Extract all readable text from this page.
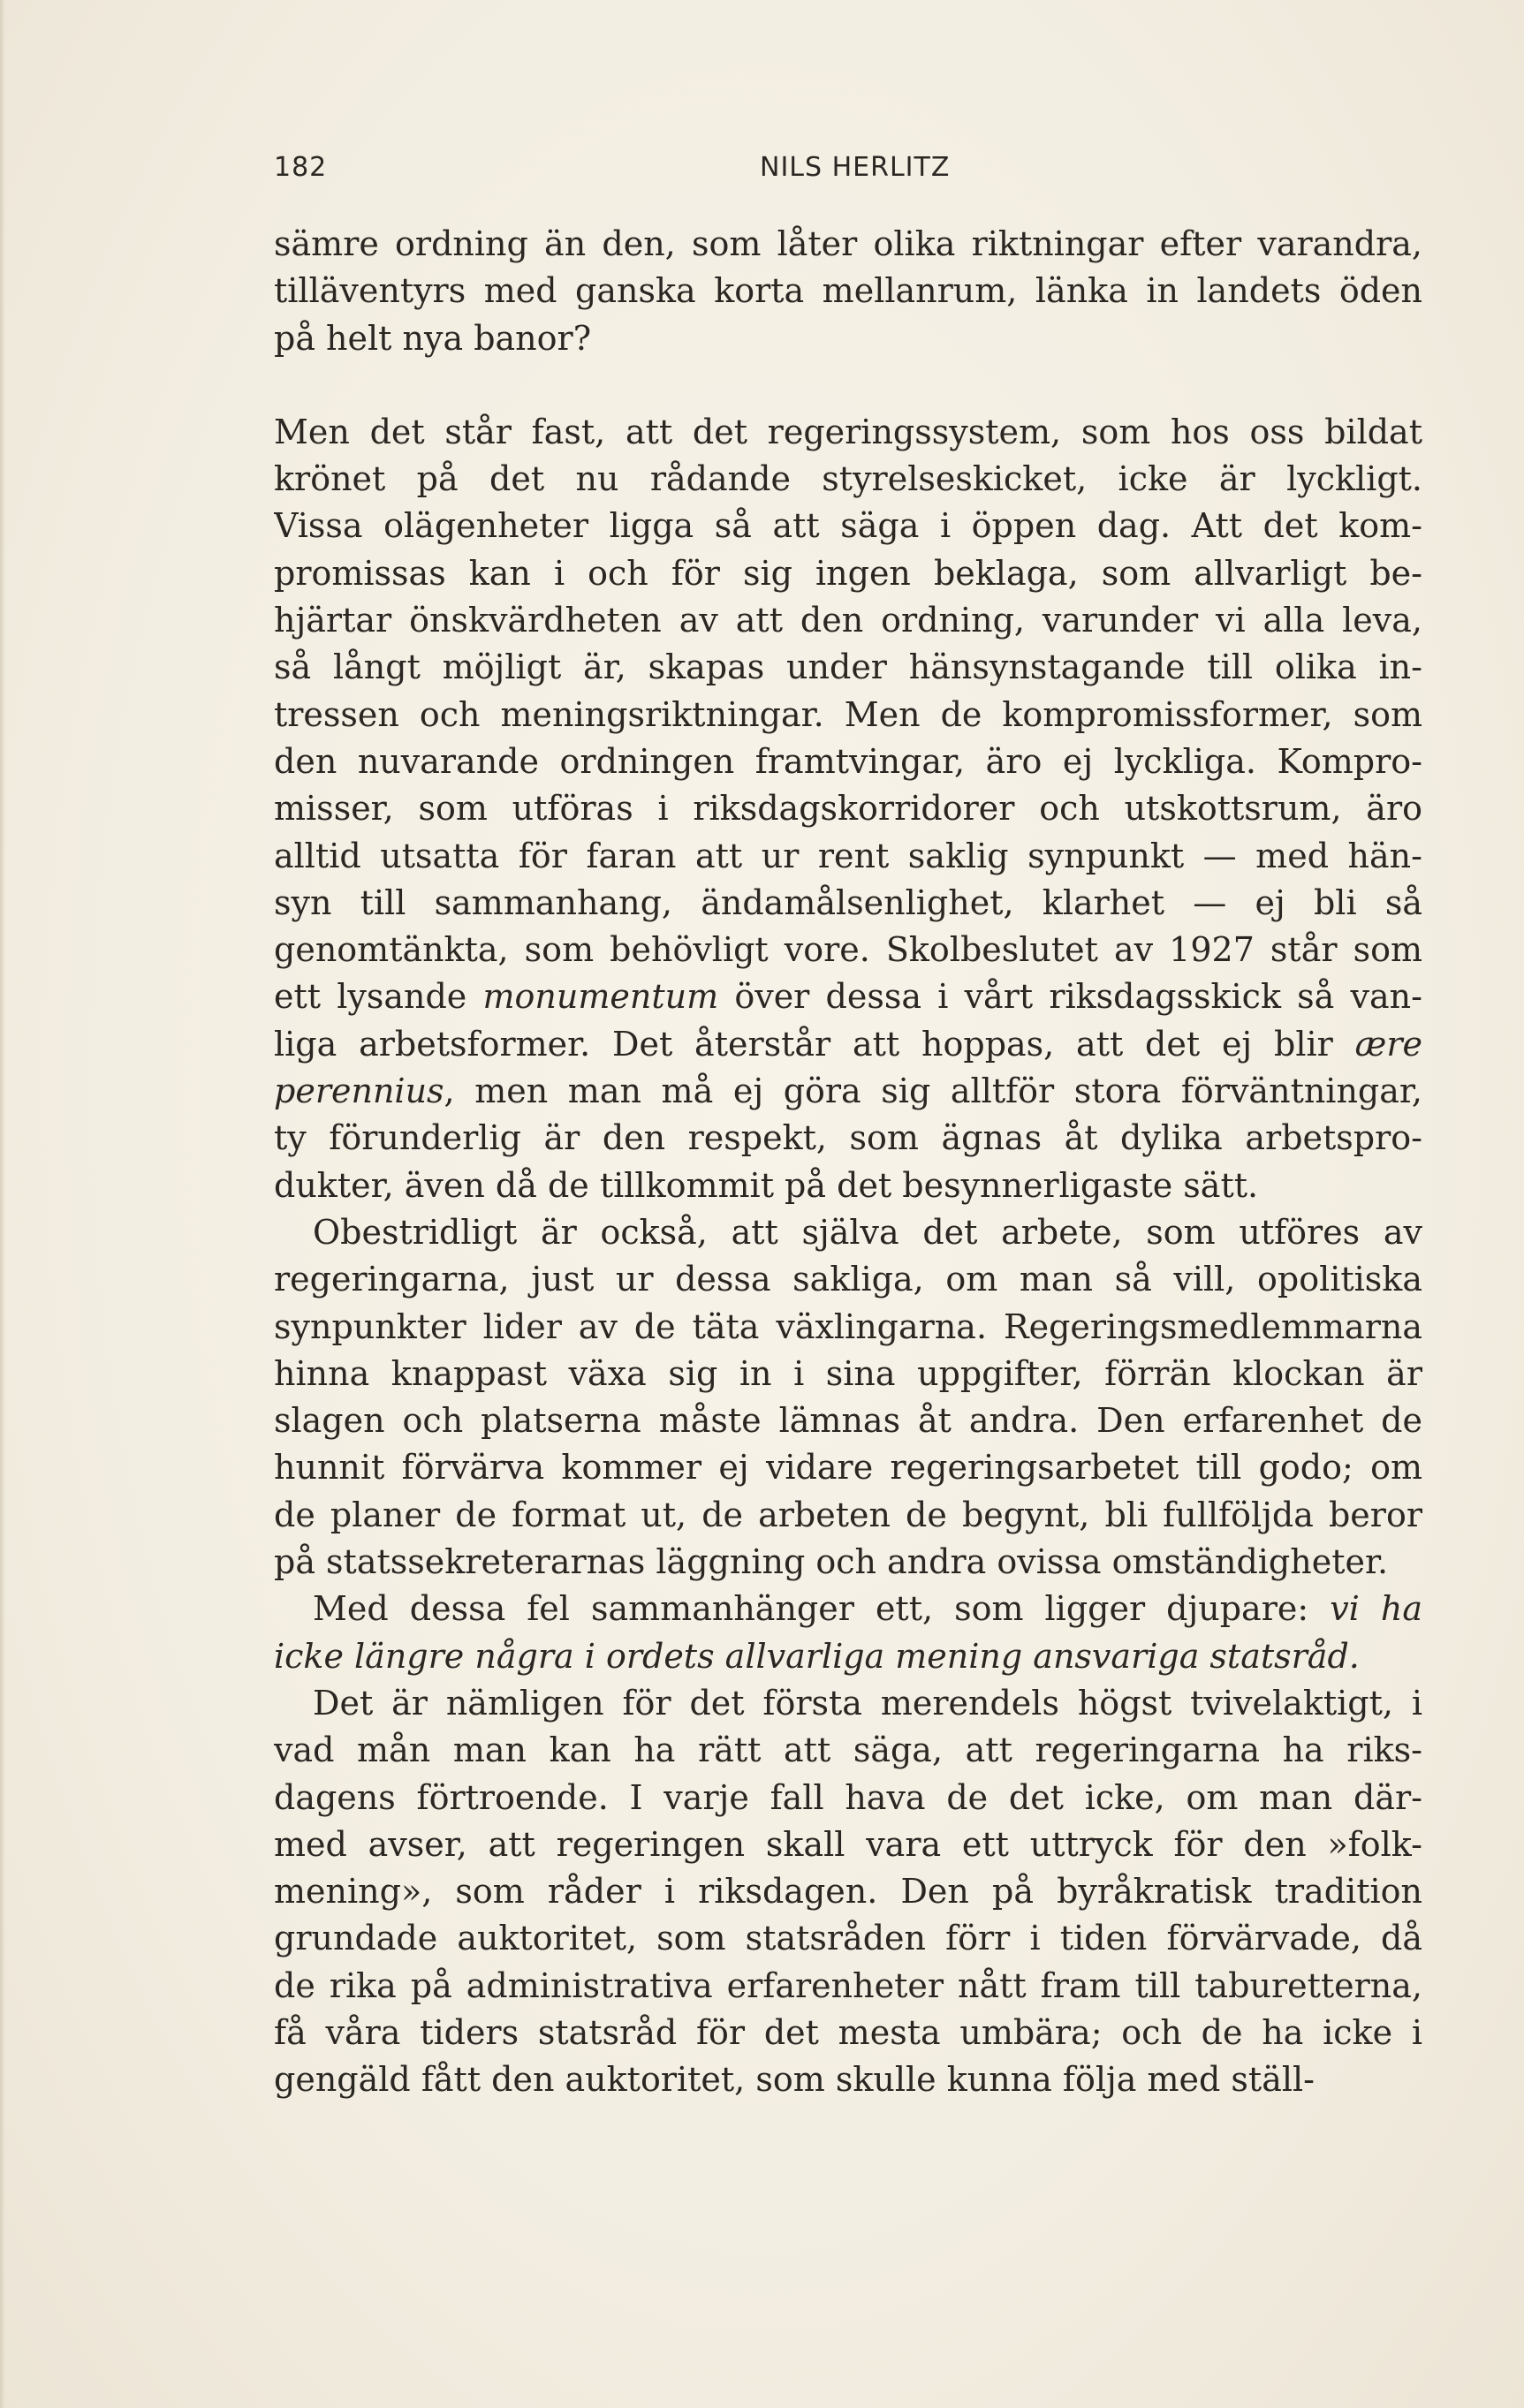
182	NILS HERLITZ
sämre ordning än den, som låter olika riktningar efter varandra,
tilläventyrs med ganska korta mellanrum, länka in landets öden
på helt nya banor?
Men det står fast, att det regeringssystem, som hos oss bildat
krönet på det nu rådande styrelseskicket, icke är lyckligt.
Vissa olägenheter ligga så att säga i öppen dag. Att det kom-
promissas kan i och för sig ingen beklaga, som allvarligt be-
hjärtar önskvärdheten av att den ordning, varunder vi alla leva,
så långt möjligt är, skapas under hänsynstagande till olika in-
tressen och meningsriktningar. Men de kompromissformer, som
den nuvarande ordningen framtvingar, äro ej lyckliga. Kompro-
misser, som utföras i riksdagskorridorer och utskottsrum, äro
alltid utsatta för faran att ur rent saklig synpunkt — med hän-
syn till sammanhang, ändamålsenlighet, klarhet — ej bli så
genomtänkta, som behövligt vore. Skolbeslutet av 1927 står som
ett lysande monumentum över dessa i vårt riksdagsskick så van-
liga arbetsformer. Det återstår att hoppas, att det ej blir ære
perennius, men man må ej göra sig alltför stora förväntningar,
ty förunderlig är den respekt, som ägnas åt dylika arbetspro-
dukter, även då de tillkommit på det besynnerligaste sätt.
Obestridligt är också, att själva det arbete, som utföres av
regeringarna, just ur dessa sakliga, om man så vill, opolitiska
synpunkter lider av de täta växlingarna. Regeringsmedlemmarna
hinna knappast växa sig in i sina uppgifter, förrän klockan är
slagen och platserna måste lämnas åt andra. Den erfarenhet de
hunnit förvärva kommer ej vidare regeringsarbetet till godo; om
de planer de format ut, de arbeten de begynt, bli fullföljda beror
på statssekreterarnas läggning och andra ovissa omständigheter.
Med dessa fel sammanhänger ett, som ligger djupare: vi ha
icke längre några i ordets allvarliga mening ansvariga statsråd.
Det är nämligen för det första merendels högst tvivelaktigt, i
vad mån man kan ha rätt att säga, att regeringarna ha riks-
dagens förtroende. I varje fall hava de det icke, om man där-
med avser, att regeringen skall vara ett uttryck för den »folk-
mening», som råder i riksdagen. Den på byråkratisk tradition
grundade auktoritet, som statsråden förr i tiden förvärvade, då
de rika på administrativa erfarenheter nått fram till taburetterna,
få våra tiders statsråd för det mesta umbära; och de ha icke i
gengäld fått den auktoritet, som skulle kunna följa med ställ-
